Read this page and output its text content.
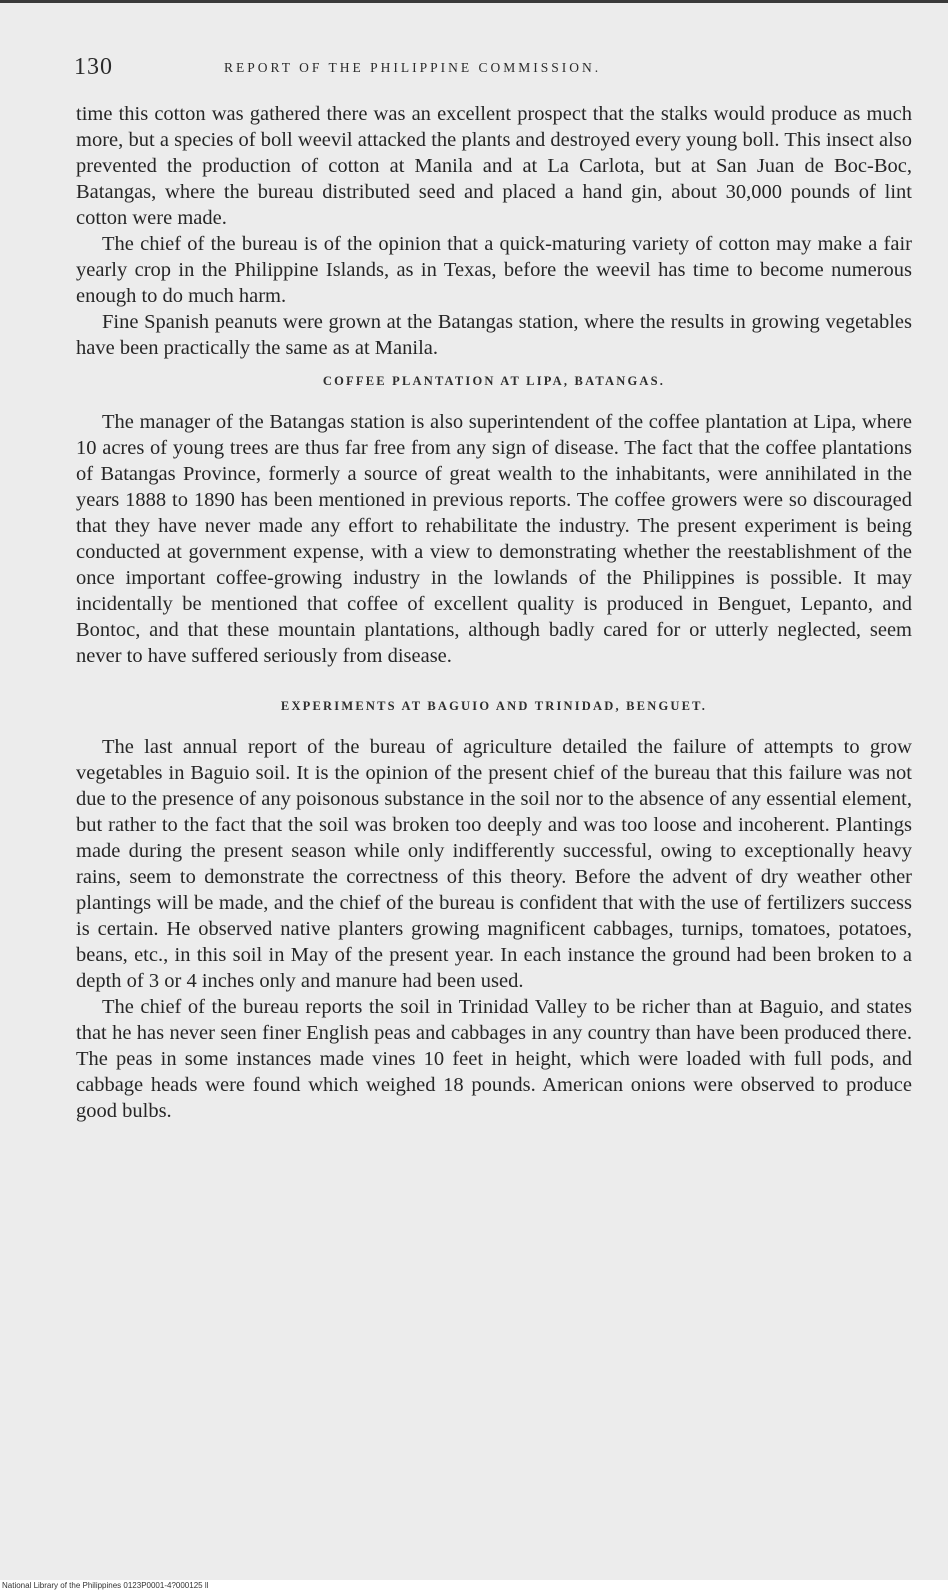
130	REPORT OF THE PHILIPPINE COMMISSION.

time this cotton was gathered there was an excellent prospect that the stalks would produce as much more, but a species of boll weevil attacked the plants and destroyed every young boll. This insect also prevented the production of cotton at Manila and at La Carlota, but at San Juan de Boc-Boc, Batangas, where the bureau distributed seed and placed a hand gin, about 30,000 pounds of lint cotton were made.

The chief of the bureau is of the opinion that a quick-maturing variety of cotton may make a fair yearly crop in the Philippine Islands, as in Texas, before the weevil has time to become numerous enough to do much harm.

Fine Spanish peanuts were grown at the Batangas station, where the results in growing vegetables have been practically the same as at Manila.

COFFEE PLANTATION AT LIPA, BATANGAS.

The manager of the Batangas station is also superintendent of the coffee plantation at Lipa, where 10 acres of young trees are thus far free from any sign of disease. The fact that the coffee plantations of Batangas Province, formerly a source of great wealth to the inhabitants, were annihilated in the years 1888 to 1890 has been mentioned in previous reports. The coffee growers were so discouraged that they have never made any effort to rehabilitate the industry. The present experiment is being conducted at government expense, with a view to demonstrating whether the reestablishment of the once important coffee-growing industry in the lowlands of the Philippines is possible. It may incidentally be mentioned that coffee of excellent quality is produced in Benguet, Lepanto, and Bontoc, and that these mountain plantations, although badly cared for or utterly neglected, seem never to have suffered seriously from disease.

EXPERIMENTS AT BAGUIO AND TRINIDAD, BENGUET.

The last annual report of the bureau of agriculture detailed the failure of attempts to grow vegetables in Baguio soil. It is the opinion of the present chief of the bureau that this failure was not due to the presence of any poisonous substance in the soil nor to the absence of any essential element, but rather to the fact that the soil was broken too deeply and was too loose and incoherent. Plantings made during the present season while only indifferently successful, owing to exceptionally heavy rains, seem to demonstrate the correctness of this theory. Before the advent of dry weather other plantings will be made, and the chief of the bureau is confident that with the use of fertilizers success is certain. He observed native planters growing magnificent cabbages, turnips, tomatoes, potatoes, beans, etc., in this soil in May of the present year. In each instance the ground had been broken to a depth of 3 or 4 inches only and manure had been used.

The chief of the bureau reports the soil in Trinidad Valley to be richer than at Baguio, and states that he has never seen finer English peas and cabbages in any country than have been produced there. The peas in some instances made vines 10 feet in height, which were loaded with full pods, and cabbage heads were found which weighed 18 pounds. American onions were observed to produce good bulbs.

National Library of the Philippines 0123P0001-4?000125 ll
